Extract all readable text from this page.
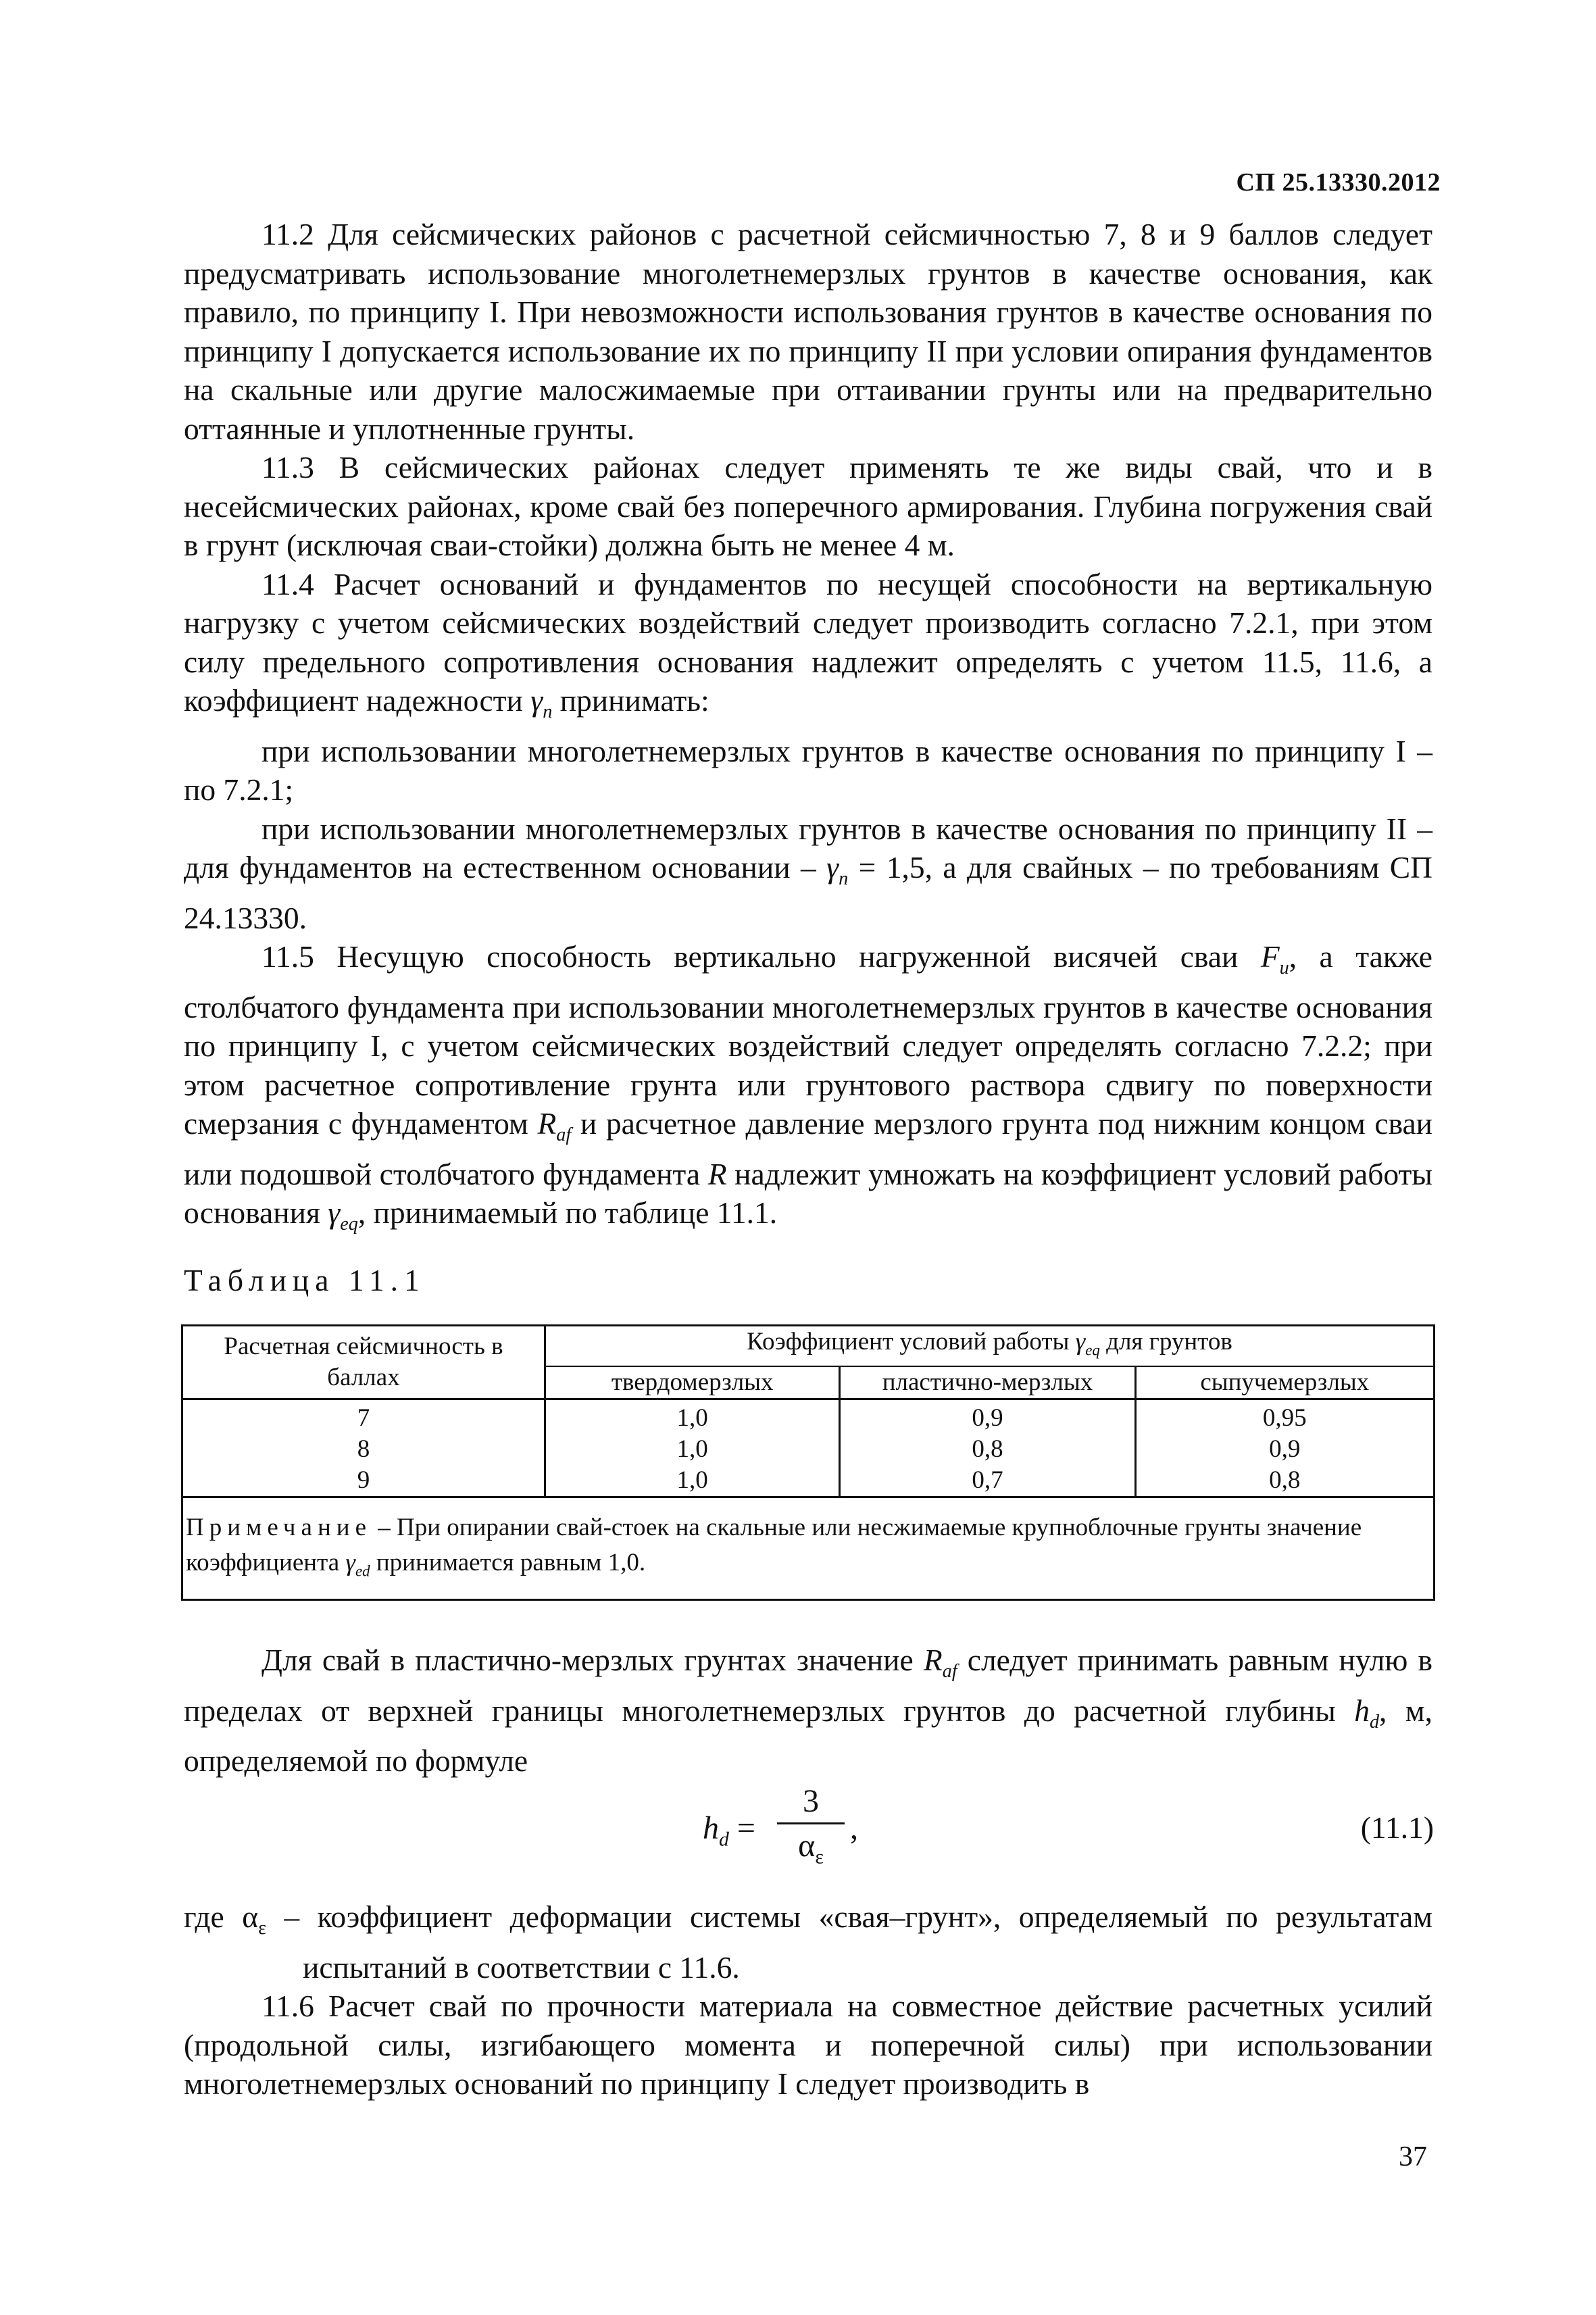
СП 25.13330.2012

11.2 Для сейсмических районов с расчетной сейсмичностью 7, 8 и 9 баллов следует предусматривать использование многолетнемерзлых грунтов в качестве основания, как правило, по принципу I. При невозможности использования грунтов в качестве основания по принципу I допускается использование их по принципу II при условии опирания фундаментов на скальные или другие малосжимаемые при оттаивании грунты или на предварительно оттаянные и уплотненные грунты.

11.3 В сейсмических районах следует применять те же виды свай, что и в несейсмических районах, кроме свай без поперечного армирования. Глубина погружения свай в грунт (исключая сваи-стойки) должна быть не менее 4 м.

11.4 Расчет оснований и фундаментов по несущей способности на вертикальную нагрузку с учетом сейсмических воздействий следует производить согласно 7.2.1, при этом силу предельного сопротивления основания надлежит определять с учетом 11.5, 11.6, а коэффициент надежности $\gamma_n$ принимать:

при использовании многолетнемерзлых грунтов в качестве основания по принципу I – по 7.2.1;

при использовании многолетнемерзлых грунтов в качестве основания по принципу II – для фундаментов на естественном основании – $\gamma_n = 1,5$, а для свайных – по требованиям СП 24.13330.

11.5 Несущую способность вертикально нагруженной висячей сваи $F_u$, а также столбчатого фундамента при использовании многолетнемерзлых грунтов в качестве основания по принципу I, с учетом сейсмических воздействий следует определять согласно 7.2.2; при этом расчетное сопротивление грунта или грунтового раствора сдвигу по поверхности смерзания с фундаментом $R_{af}$ и расчетное давление мерзлого грунта под нижним концом сваи или подошвой столбчатого фундамента R надлежит умножать на коэффициент условий работы основания $\gamma_{eq}$, принимаемый по таблице 11.1.

Таблица 11.1
Расчетная сейсмичность в баллах	Коэффициент условий работы $\gamma_{eq}$ для грунтов		
	твердомерзлых	пластично-мерзлых	сыпучемерзлых
7	1,0	0,9	0,95
8	1,0	0,8	0,9
9	1,0	0,7	0,8
Примечание – При опирании свай-стоек на скальные или несжимаемые крупноблочные грунты значение коэффициента $\gamma_{ed}$ принимается равным 1,0.			

Для свай в пластично-мерзлых грунтах значение $R_{af}$ следует принимать равным нулю в пределах от верхней границы многолетнемерзлых грунтов до расчетной глубины $h_d$, м, определяемой по формуле

$h_d = \frac{3}{\alpha_\varepsilon}$ ,	(11.1)

где $\alpha_\varepsilon$ – коэффициент деформации системы «свая–грунт», определяемый по результатам испытаний в соответствии с 11.6.

11.6 Расчет свай по прочности материала на совместное действие расчетных усилий (продольной силы, изгибающего момента и поперечной силы) при использовании многолетнемерзлых оснований по принципу I следует производить в

37
